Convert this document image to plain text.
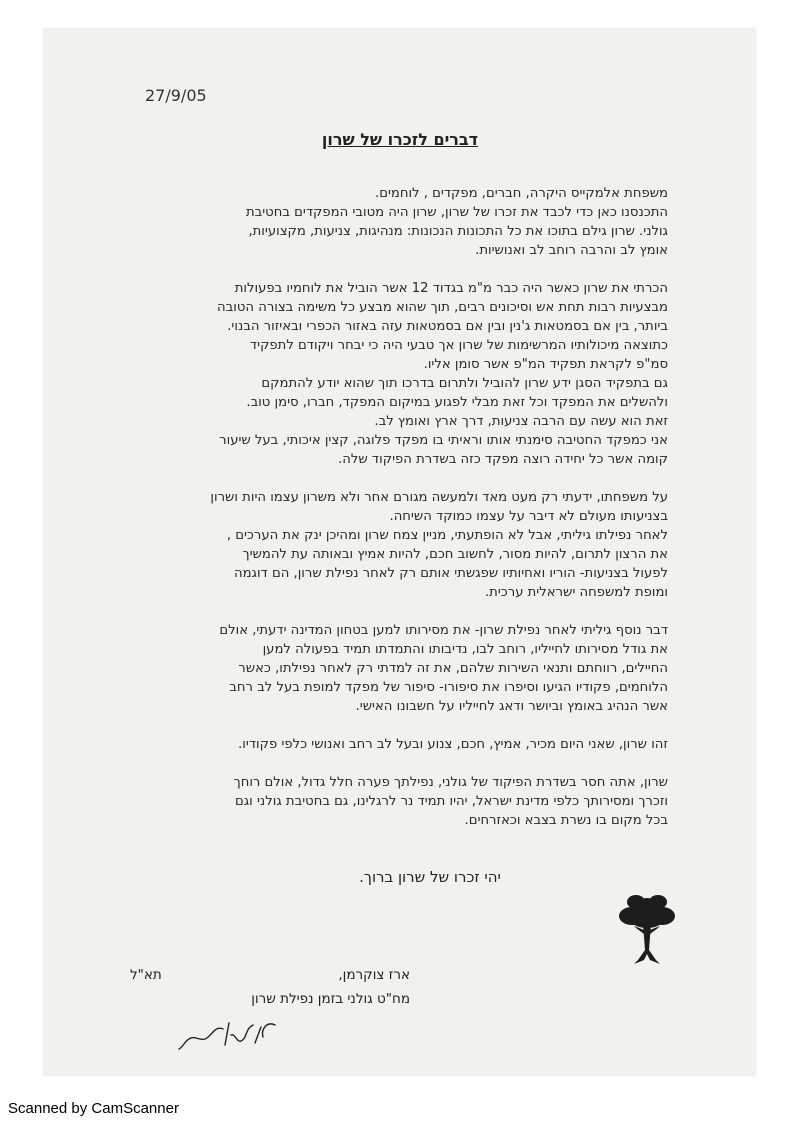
27/9/05
דברים לזכרו של שרון

משפחת אלמקייס היקרה, חברים, מפקדים , לוחמים.
התכנסנו כאן כדי לכבד את זכרו של שרון, שרון היה מטובי המפקדים בחטיבת
גולני. שרון גילם בתוכו את כל התכונות הנכונות: מנהיגות, צניעות, מקצועיות,
אומץ לב והרבה רוחב לב ואנושיות.

הכרתי את שרון כאשר היה כבר מ"מ בגדוד 12 אשר הוביל את לוחמיו בפעולות
מבצעיות רבות תחת אש וסיכונים רבים, תוך שהוא מבצע כל משימה בצורה הטובה
ביותר, בין אם בסמטאות ג'נין ובין אם בסמטאות עזה באזור הכפרי ובאיזור הבנוי.
כתוצאה מיכולותיו המרשימות של שרון אך טבעי היה כי יבחר ויקודם לתפקיד
סמ"פ לקראת תפקיד המ"פ אשר סומן אליו.
גם בתפקיד הסגן ידע שרון להוביל ולתרום בדרכו תוך שהוא יודע להתמקם
ולהשלים את המפקד וכל זאת מבלי לפגוע במיקום המפקד, חברו, סימן טוב.
זאת הוא עשה עם הרבה צניעות, דרך ארץ ואומץ לב.
אני כמפקד החטיבה סימנתי אותו וראיתי בו מפקד פלוגה, קצין איכותי, בעל שיעור
קומה אשר כל יחידה רוצה מפקד כזה בשדרת הפיקוד שלה.

על משפחתו, ידעתי רק מעט מאד ולמעשה מגורם אחר ולא משרון עצמו היות ושרון
בצניעותו מעולם לא דיבר על עצמו כמוקד השיחה.
לאחר נפילתו גיליתי, אבל לא הופתעתי, מניין צמח שרון ומהיכן ינק את הערכים ,
את הרצון לתרום, להיות מסור, לחשוב חכם, להיות אמיץ ובאותה עת להמשיך
לפעול בצניעות- הוריו ואחיותיו שפגשתי אותם רק לאחר נפילת שרון, הם דוגמה
ומופת למשפחה ישראלית ערכית.

דבר נוסף גיליתי לאחר נפילת שרון- את מסירותו למען בטחון המדינה ידעתי, אולם
את גודל מסירותו לחייליו, רוחב לבו, נדיבותו והתמדתו תמיד בפעולה למען
החיילים, רווחתם ותנאי השירות שלהם, את זה למדתי רק לאחר נפילתו, כאשר
הלוחמים, פקודיו הגיעו וסיפרו את סיפורו- סיפור של מפקד למופת בעל לב רחב
אשר הנהיג באומץ וביושר ודאג לחייליו על חשבונו האישי.

זהו שרון, שאני היום מכיר, אמיץ, חכם, צנוע ובעל לב רחב ואנושי כלפי פקודיו.

שרון, אתה חסר בשדרת הפיקוד של גולני, נפילתך פערה חלל גדול, אולם רוחך
וזכרך ומסירותך כלפי מדינת ישראל, יהיו תמיד נר לרגלינו, גם בחטיבת גולני וגם
בכל מקום בו נשרת בצבא וכאזרחים.

יהי זכרו של שרון ברוך.
ארז צוקרמן,
תא"ל
מח"ט גולני בזמן נפילת שרון
Scanned by CamScanner
